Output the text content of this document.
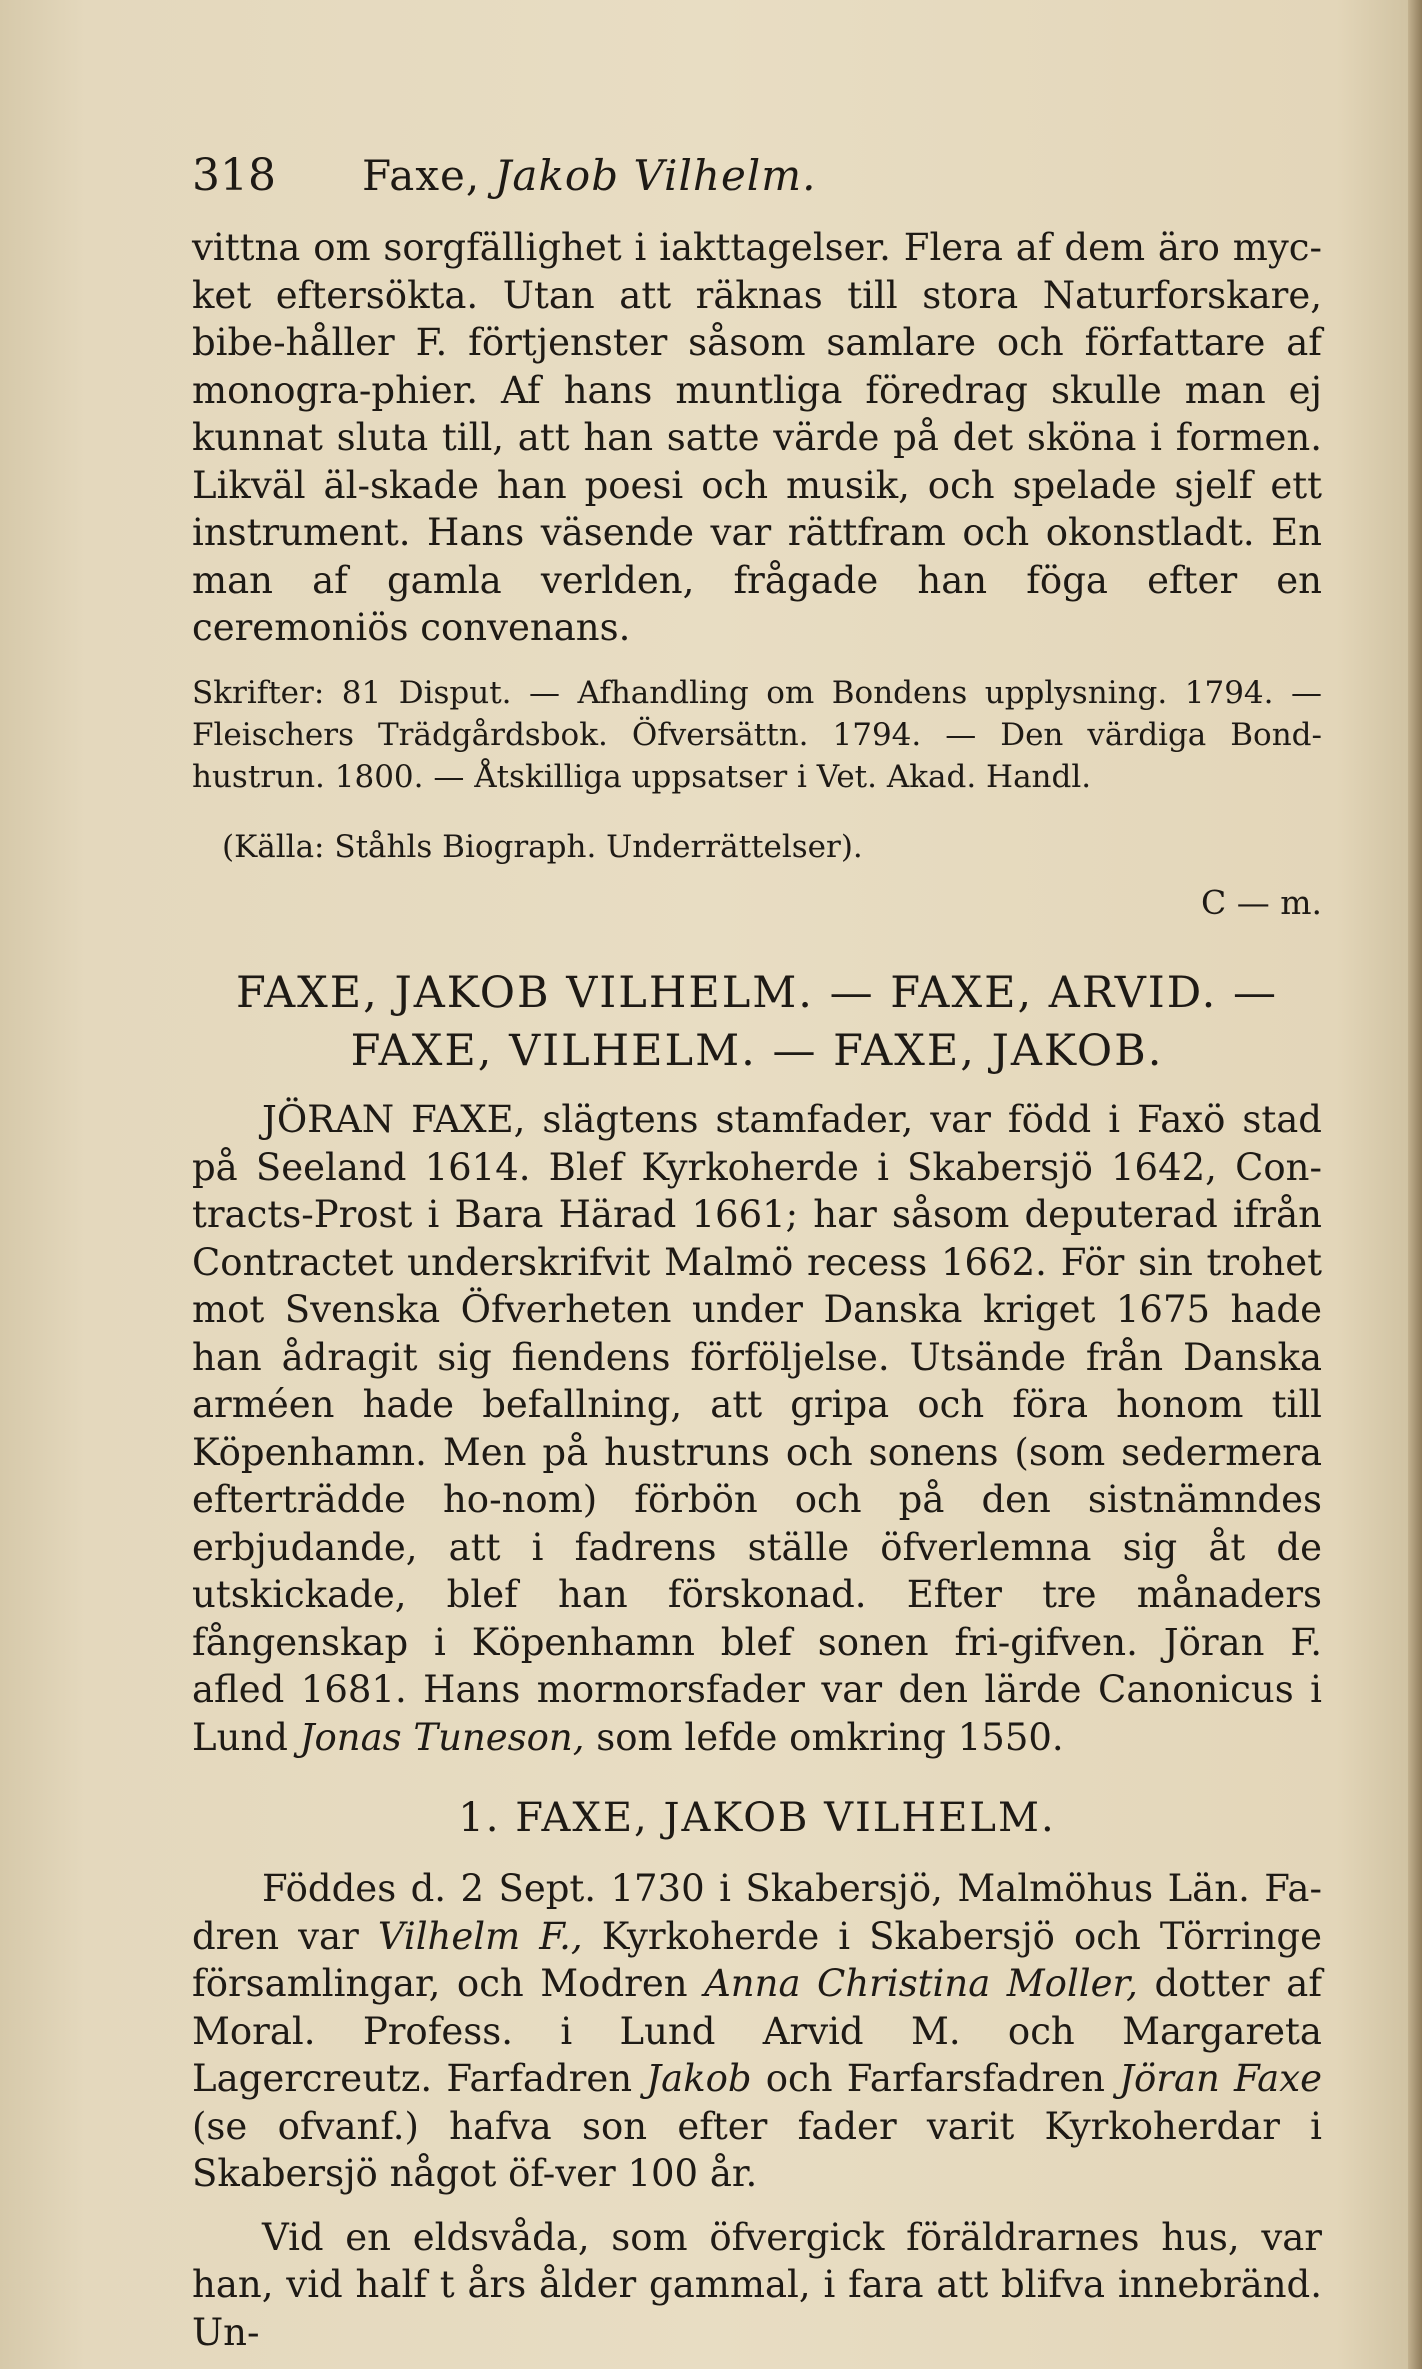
318	Faxe, Jakob Vilhelm.

vittna om sorgfällighet i iakttagelser. Flera af dem äro myc-ket eftersökta. Utan att räknas till stora Naturforskare, bibe-håller F. förtjenster såsom samlare och författare af monogra-phier. Af hans muntliga föredrag skulle man ej kunnat sluta till, att han satte värde på det sköna i formen. Likväl äl-skade han poesi och musik, och spelade sjelf ett instrument. Hans väsende var rättfram och okonstladt. En man af gamla verlden, frågade han föga efter en ceremoniös convenans.

Skrifter: 81 Disput. — Afhandling om Bondens upplysning. 1794. — Fleischers Trädgårdsbok. Öfversättn. 1794. — Den värdiga Bond-hustrun. 1800. — Åtskilliga uppsatser i Vet. Akad. Handl.

(Källa: Ståhls Biograph. Underrättelser).

C — m.
FAXE, JAKOB VILHELM. — FAXE, ARVID. —
FAXE, VILHELM. — FAXE, JAKOB.

JÖRAN FAXE, slägtens stamfader, var född i Faxö stad på Seeland 1614. Blef Kyrkoherde i Skabersjö 1642, Con-tracts-Prost i Bara Härad 1661; har såsom deputerad ifrån Contractet underskrifvit Malmö recess 1662. För sin trohet mot Svenska Öfverheten under Danska kriget 1675 hade han ådragit sig fiendens förföljelse. Utsände från Danska arméen hade befallning, att gripa och föra honom till Köpenhamn. Men på hustruns och sonens (som sedermera efterträdde ho-nom) förbön och på den sistnämndes erbjudande, att i fadrens ställe öfverlemna sig åt de utskickade, blef han förskonad. Efter tre månaders fångenskap i Köpenhamn blef sonen fri-gifven. Jöran F. afled 1681. Hans mormorsfader var den lärde Canonicus i Lund Jonas Tuneson, som lefde omkring 1550.

1. FAXE, JAKOB VILHELM.

Föddes d. 2 Sept. 1730 i Skabersjö, Malmöhus Län. Fa-dren var Vilhelm F., Kyrkoherde i Skabersjö och Törringe församlingar, och Modren Anna Christina Moller, dotter af Moral. Profess. i Lund Arvid M. och Margareta Lagercreutz. Farfadren Jakob och Farfarsfadren Jöran Faxe (se ofvanf.) hafva son efter fader varit Kyrkoherdar i Skabersjö något öf-ver 100 år.

Vid en eldsvåda, som öfvergick föräldrarnes hus, var han, vid half t års ålder gammal, i fara att blifva innebränd. Un-
